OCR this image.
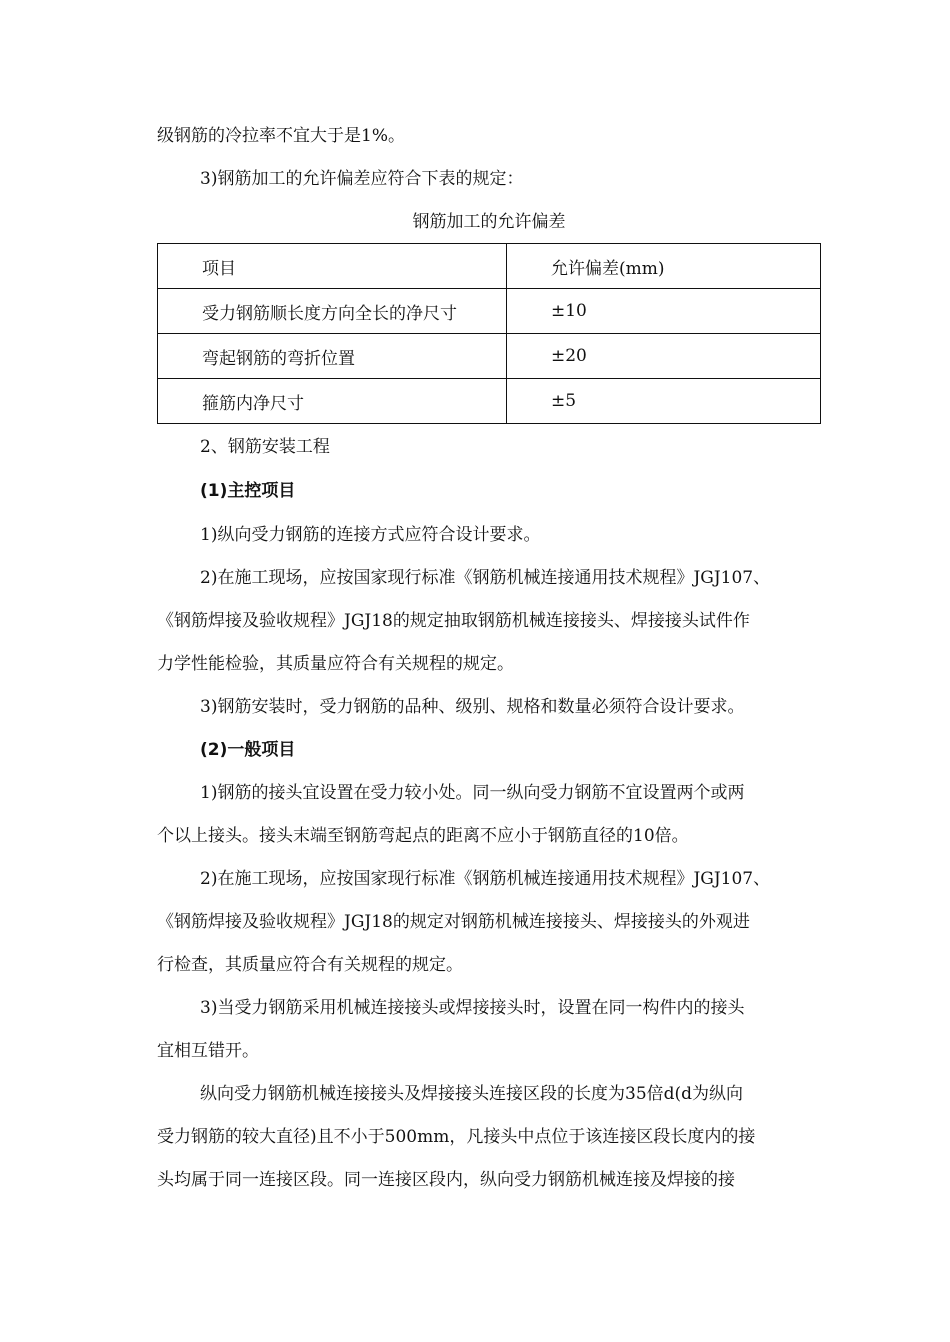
级钢筋的冷拉率不宜大于是1%。
3)钢筋加工的允许偏差应符合下表的规定：
钢筋加工的允许偏差
项目	允许偏差(mm)
受力钢筋顺长度方向全长的净尺寸	±10
弯起钢筋的弯折位置	±20
箍筋内净尺寸	±5
2、钢筋安装工程
(1)主控项目
1)纵向受力钢筋的连接方式应符合设计要求。
2)在施工现场，应按国家现行标准《钢筋机械连接通用技术规程》JGJ107、
《钢筋焊接及验收规程》JGJ18的规定抽取钢筋机械连接接头、焊接接头试件作
力学性能检验，其质量应符合有关规程的规定。
3)钢筋安装时，受力钢筋的品种、级别、规格和数量必须符合设计要求。
(2)一般项目
1)钢筋的接头宜设置在受力较小处。同一纵向受力钢筋不宜设置两个或两
个以上接头。接头末端至钢筋弯起点的距离不应小于钢筋直径的10倍。
2)在施工现场，应按国家现行标准《钢筋机械连接通用技术规程》JGJ107、
《钢筋焊接及验收规程》JGJ18的规定对钢筋机械连接接头、焊接接头的外观进
行检查，其质量应符合有关规程的规定。
3)当受力钢筋采用机械连接接头或焊接接头时，设置在同一构件内的接头
宜相互错开。
纵向受力钢筋机械连接接头及焊接接头连接区段的长度为35倍d(d为纵向
受力钢筋的较大直径)且不小于500mm，凡接头中点位于该连接区段长度内的接
头均属于同一连接区段。同一连接区段内，纵向受力钢筋机械连接及焊接的接
